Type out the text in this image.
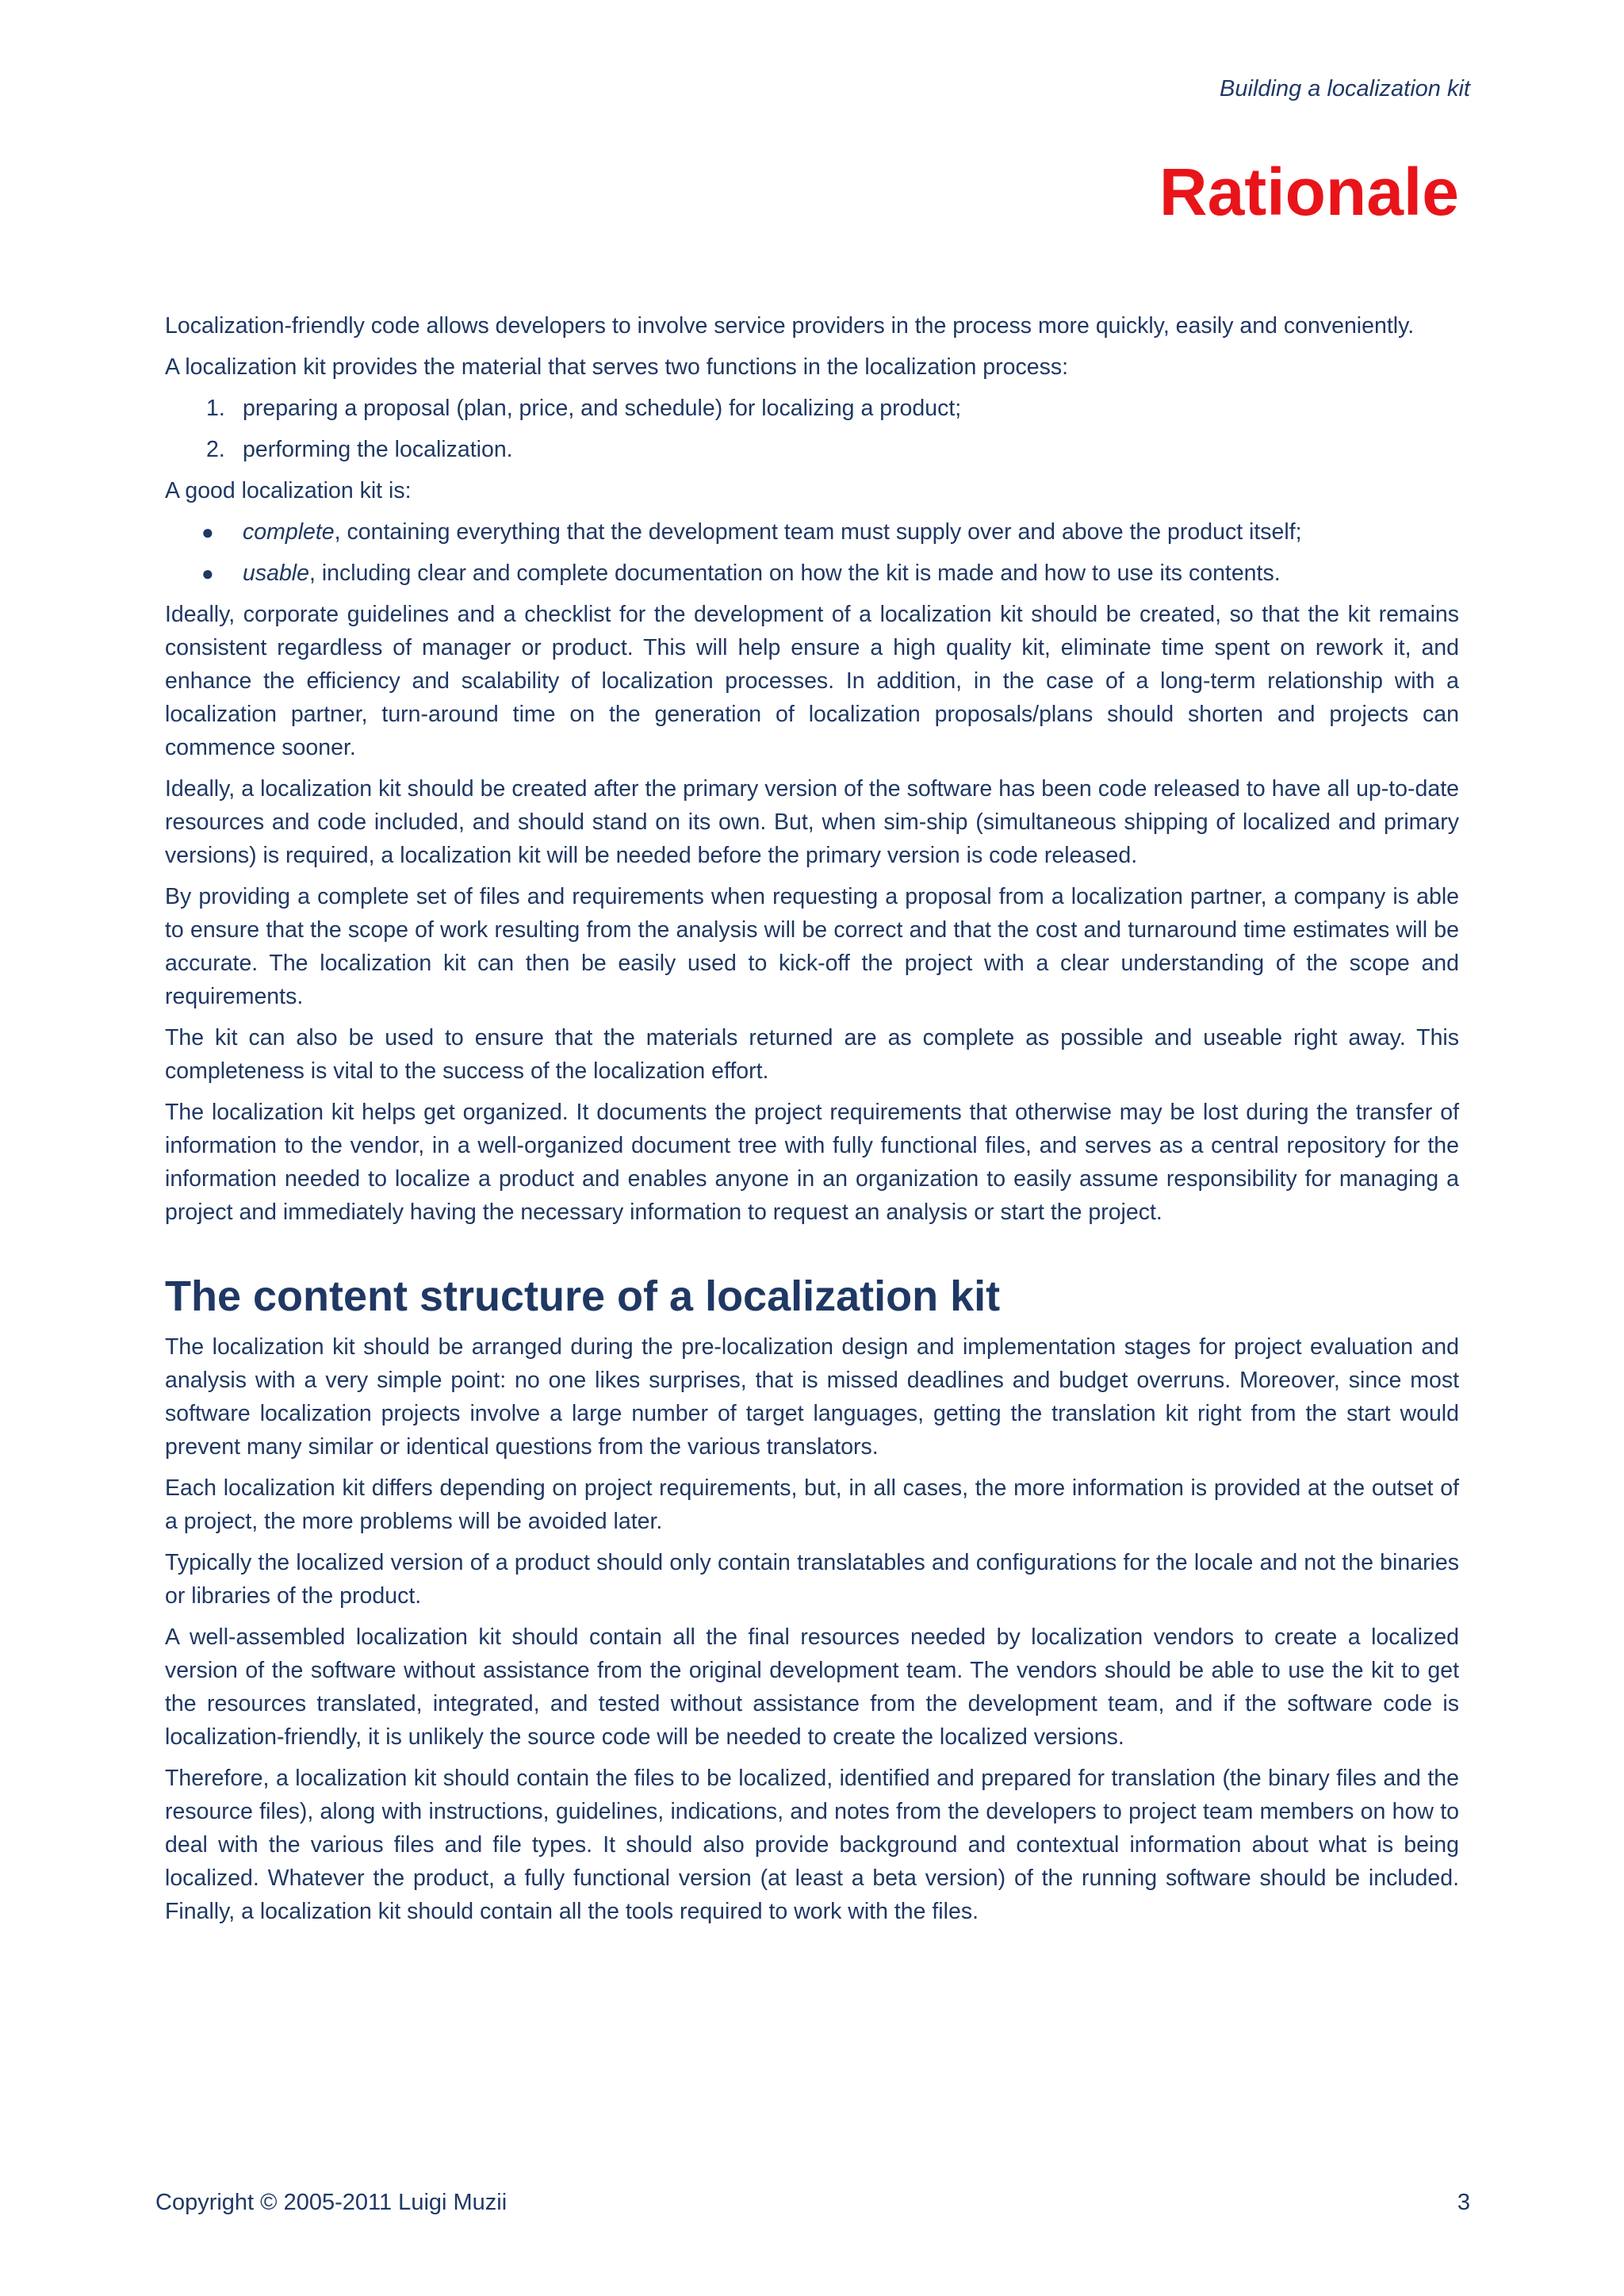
Building a localization kit
Rationale

Localization-friendly code allows developers to involve service providers in the process more quickly, easily and conveniently.

A localization kit provides the material that serves two functions in the localization process:

1. preparing a proposal (plan, price, and schedule) for localizing a product;
2. performing the localization.

A good localization kit is:

●	complete, containing everything that the development team must supply over and above the product itself;
●	usable, including clear and complete documentation on how the kit is made and how to use its contents.

Ideally, corporate guidelines and a checklist for the development of a localization kit should be created, so that the kit remains consistent regardless of manager or product. This will help ensure a high quality kit, eliminate time spent on rework it, and enhance the efficiency and scalability of localization processes. In addition, in the case of a long-term relationship with a localization partner, turn-around time on the generation of localization proposals/plans should shorten and projects can commence sooner.

Ideally, a localization kit should be created after the primary version of the software has been code released to have all up-to-date resources and code included, and should stand on its own. But, when sim-ship (simultaneous shipping of localized and primary versions) is required, a localization kit will be needed before the primary version is code released.

By providing a complete set of files and requirements when requesting a proposal from a localization partner, a company is able to ensure that the scope of work resulting from the analysis will be correct and that the cost and turnaround time estimates will be accurate. The localization kit can then be easily used to kick-off the project with a clear understanding of the scope and requirements.

The kit can also be used to ensure that the materials returned are as complete as possible and useable right away. This completeness is vital to the success of the localization effort.

The localization kit helps get organized. It documents the project requirements that otherwise may be lost during the transfer of information to the vendor, in a well-organized document tree with fully functional files, and serves as a central repository for the information needed to localize a product and enables anyone in an organization to easily assume responsibility for managing a project and immediately having the necessary information to request an analysis or start the project.

The content structure of a localization kit

The localization kit should be arranged during the pre-localization design and implementation stages for project evaluation and analysis with a very simple point: no one likes surprises, that is missed deadlines and budget overruns. Moreover, since most software localization projects involve a large number of target languages, getting the translation kit right from the start would prevent many similar or identical questions from the various translators.

Each localization kit differs depending on project requirements, but, in all cases, the more information is provided at the outset of a project, the more problems will be avoided later.

Typically the localized version of a product should only contain translatables and configurations for the locale and not the binaries or libraries of the product.

A well-assembled localization kit should contain all the final resources needed by localization vendors to create a localized version of the software without assistance from the original development team. The vendors should be able to use the kit to get the resources translated, integrated, and tested without assistance from the development team, and if the software code is localization-friendly, it is unlikely the source code will be needed to create the localized versions.

Therefore, a localization kit should contain the files to be localized, identified and prepared for translation (the binary files and the resource files), along with instructions, guidelines, indications, and notes from the developers to project team members on how to deal with the various files and file types. It should also provide background and contextual information about what is being localized. Whatever the product, a fully functional version (at least a beta version) of the running software should be included. Finally, a localization kit should contain all the tools required to work with the files.

Copyright © 2005-2011 Luigi Muzii	3
